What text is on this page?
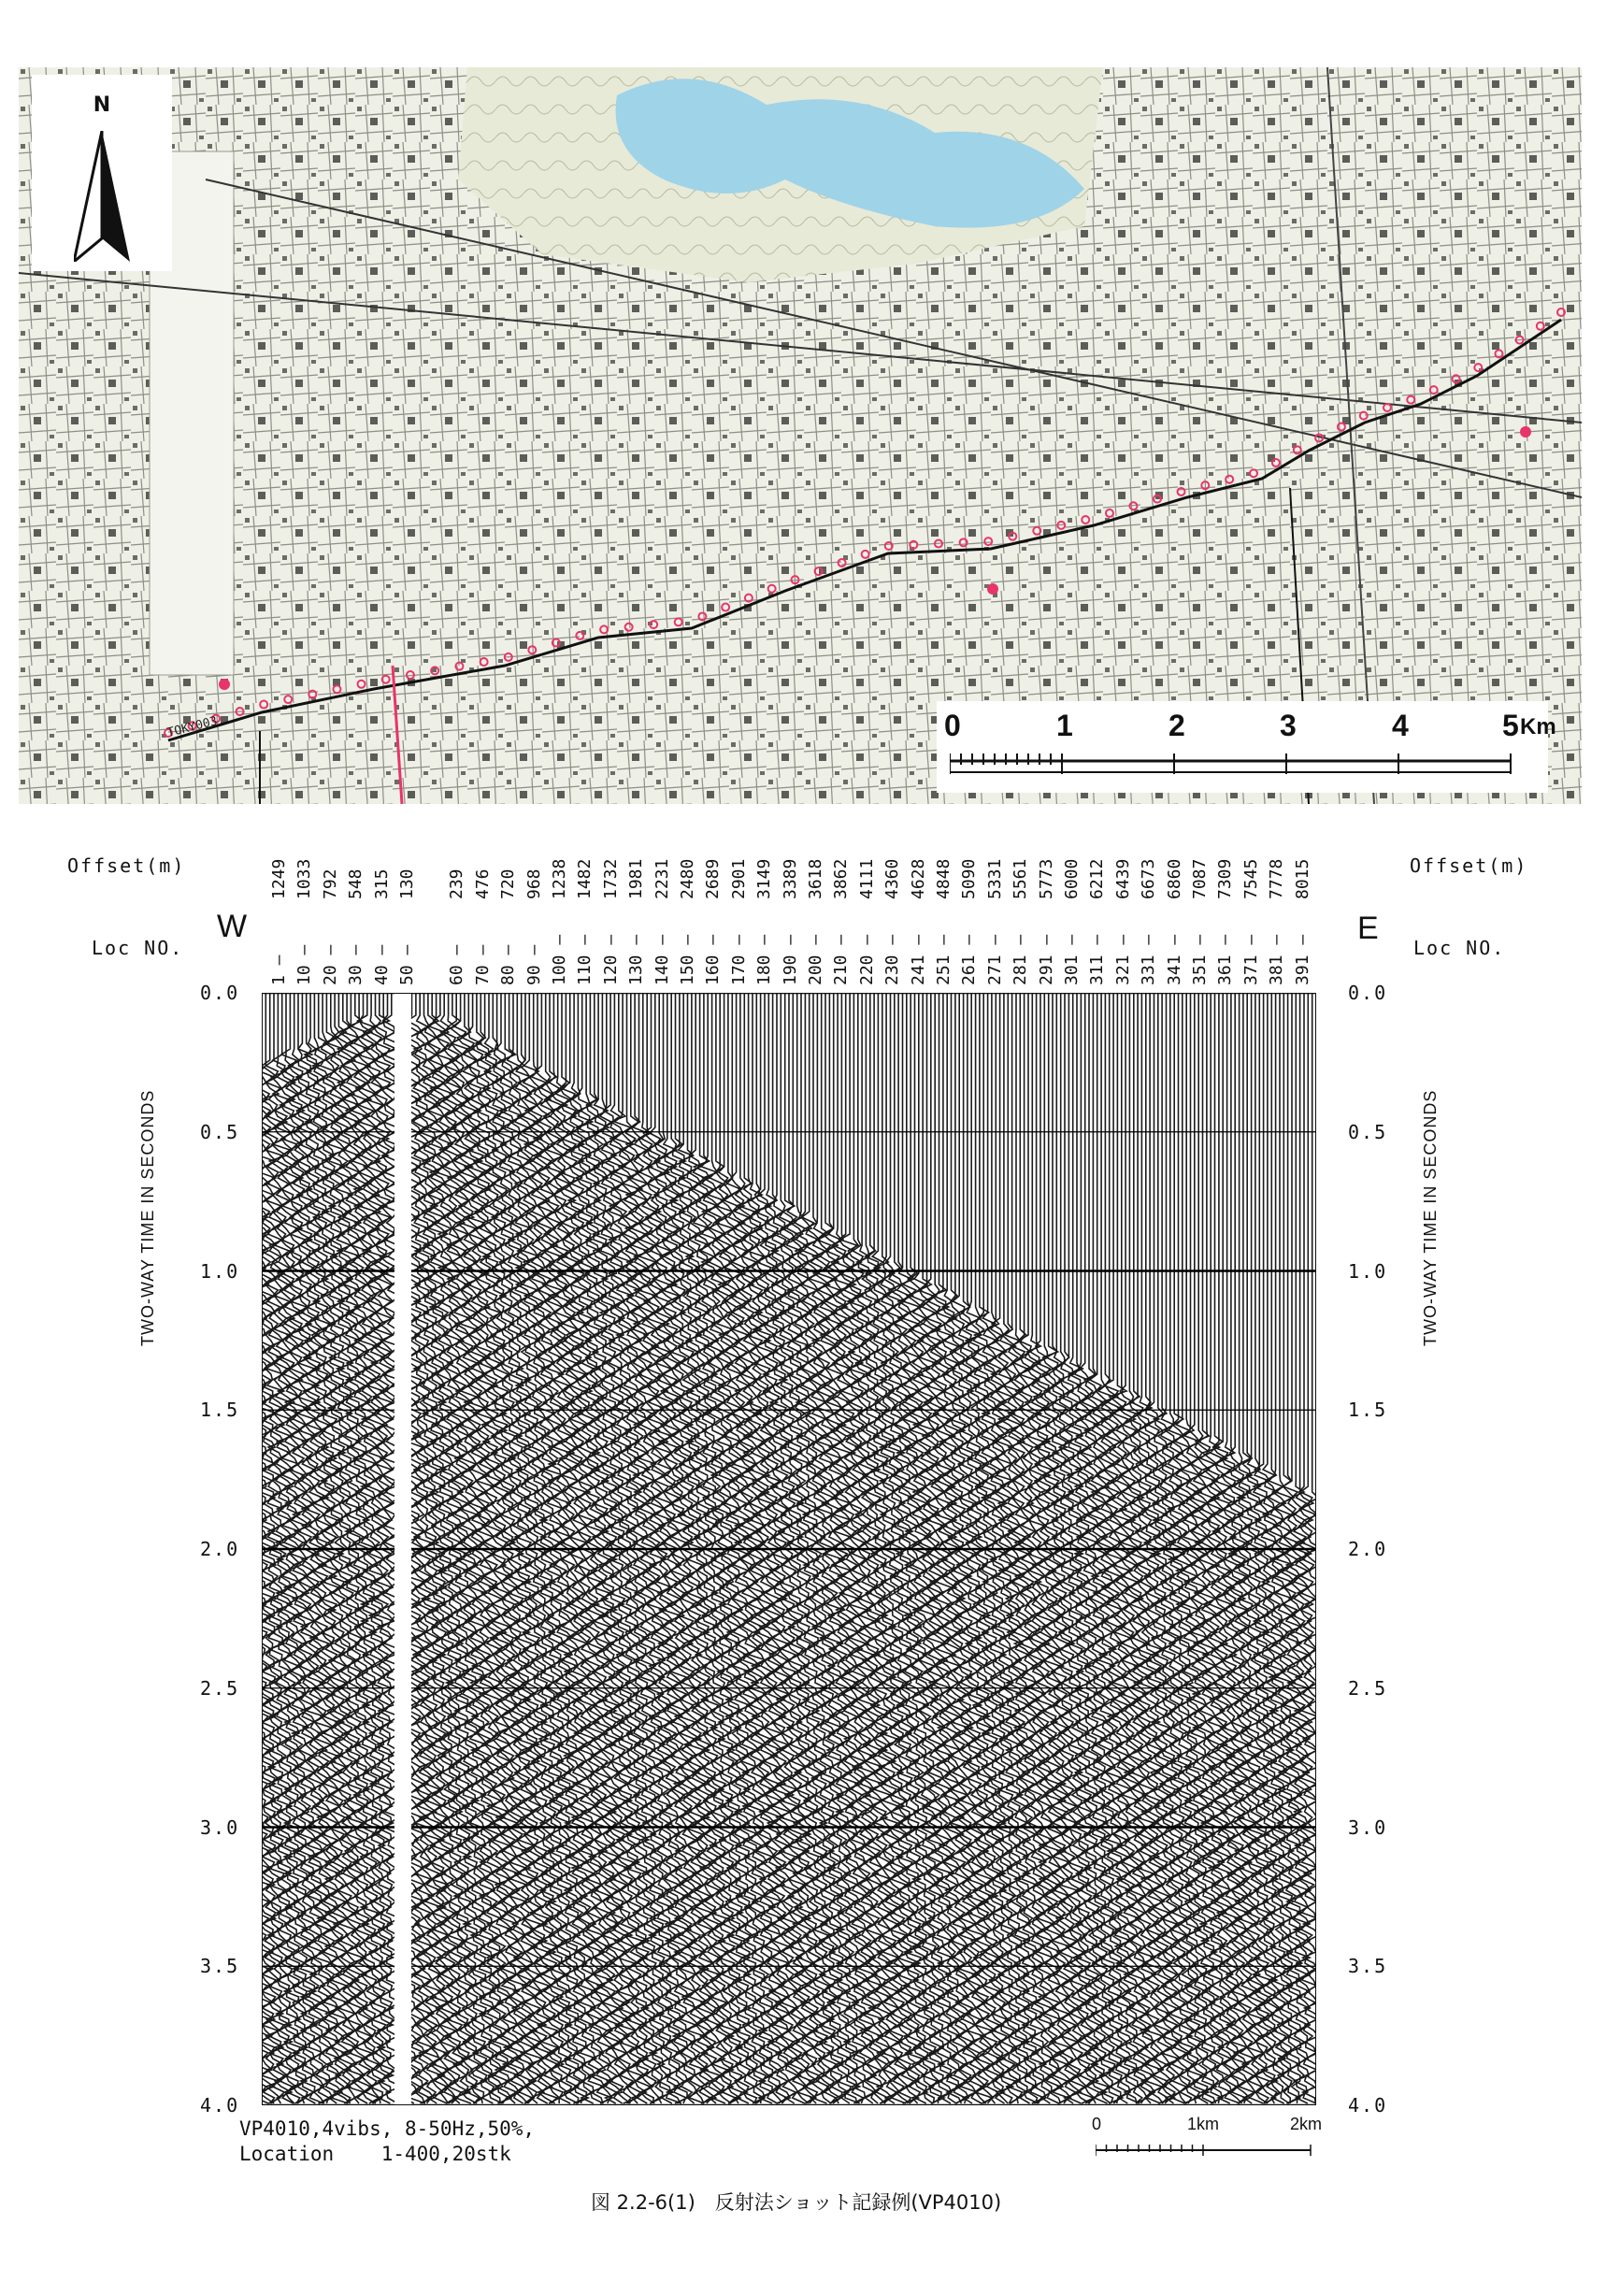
TOKY003
N
0	1	2	3	4	5 Km
Offset(m)	Offset(m)
Loc NO.	Loc NO.
W	E
1249
1 —
1033
10 —
792
20 —
548
30 —
315
40 —
130
50 —
239
60 —
476
70 —
720
80 —
968
90 —
1238
100 —
1482
110 —
1732
120 —
1981
130 —
2231
140 —
2480
150 —
2689
160 —
2901
170 —
3149
180 —
3389
190 —
3618
200 —
3862
210 —
4111
220 —
4360
230 —
4628
241 —
4848
251 —
5090
261 —
5331
271 —
5561
281 —
5773
291 —
6000
301 —
6212
311 —
6439
321 —
6673
331 —
6860
341 —
7087
351 —
7309
361 —
7545
371 —
7778
381 —
8015
391 —
0.0	0.0
0.5	0.5
1.0	1.0
1.5	1.5
2.0	2.0
2.5	2.5
3.0	3.0
3.5	3.5
4.0	4.0
TWO-WAY TIME IN SECONDS	TWO-WAY TIME IN SECONDS
VP4010,4vibs, 8-50Hz,50%,
Location    1-400,20stk
0	1km	2km
図 2.2-6(1)　反射法ショット記録例(VP4010)
